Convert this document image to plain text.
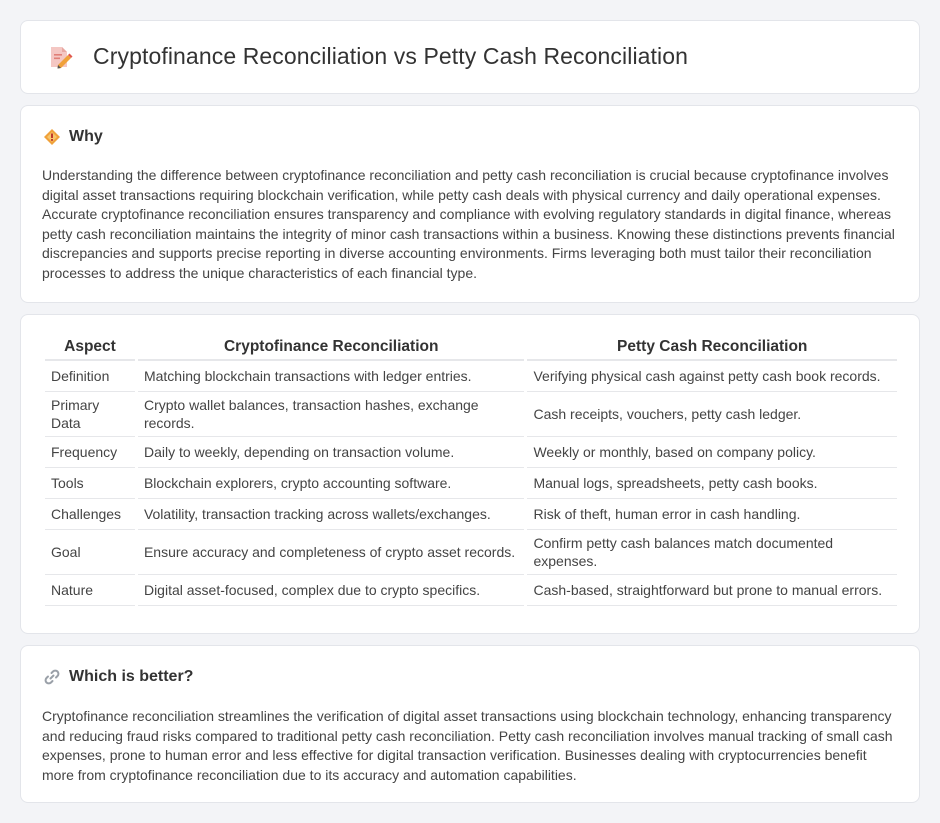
Cryptofinance Reconciliation vs Petty Cash Reconciliation
Why

Understanding the difference between cryptofinance reconciliation and petty cash reconciliation is crucial because cryptofinance involves digital asset transactions requiring blockchain verification, while petty cash deals with physical currency and daily operational expenses. Accurate cryptofinance reconciliation ensures transparency and compliance with evolving regulatory standards in digital finance, whereas petty cash reconciliation maintains the integrity of minor cash transactions within a business. Knowing these distinctions prevents financial discrepancies and supports precise reporting in diverse accounting environments. Firms leveraging both must tailor their reconciliation processes to address the unique characteristics of each financial type.

Aspect	Cryptofinance Reconciliation	Petty Cash Reconciliation
Definition	Matching blockchain transactions with ledger entries.	Verifying physical cash against petty cash book records.
Primary Data	Crypto wallet balances, transaction hashes, exchange records.	Cash receipts, vouchers, petty cash ledger.
Frequency	Daily to weekly, depending on transaction volume.	Weekly or monthly, based on company policy.
Tools	Blockchain explorers, crypto accounting software.	Manual logs, spreadsheets, petty cash books.
Challenges	Volatility, transaction tracking across wallets/exchanges.	Risk of theft, human error in cash handling.
Goal	Ensure accuracy and completeness of crypto asset records.	Confirm petty cash balances match documented expenses.
Nature	Digital asset-focused, complex due to crypto specifics.	Cash-based, straightforward but prone to manual errors.
Which is better?

Cryptofinance reconciliation streamlines the verification of digital asset transactions using blockchain technology, enhancing transparency and reducing fraud risks compared to traditional petty cash reconciliation. Petty cash reconciliation involves manual tracking of small cash expenses, prone to human error and less effective for digital transaction verification. Businesses dealing with cryptocurrencies benefit more from cryptofinance reconciliation due to its accuracy and automation capabilities.
